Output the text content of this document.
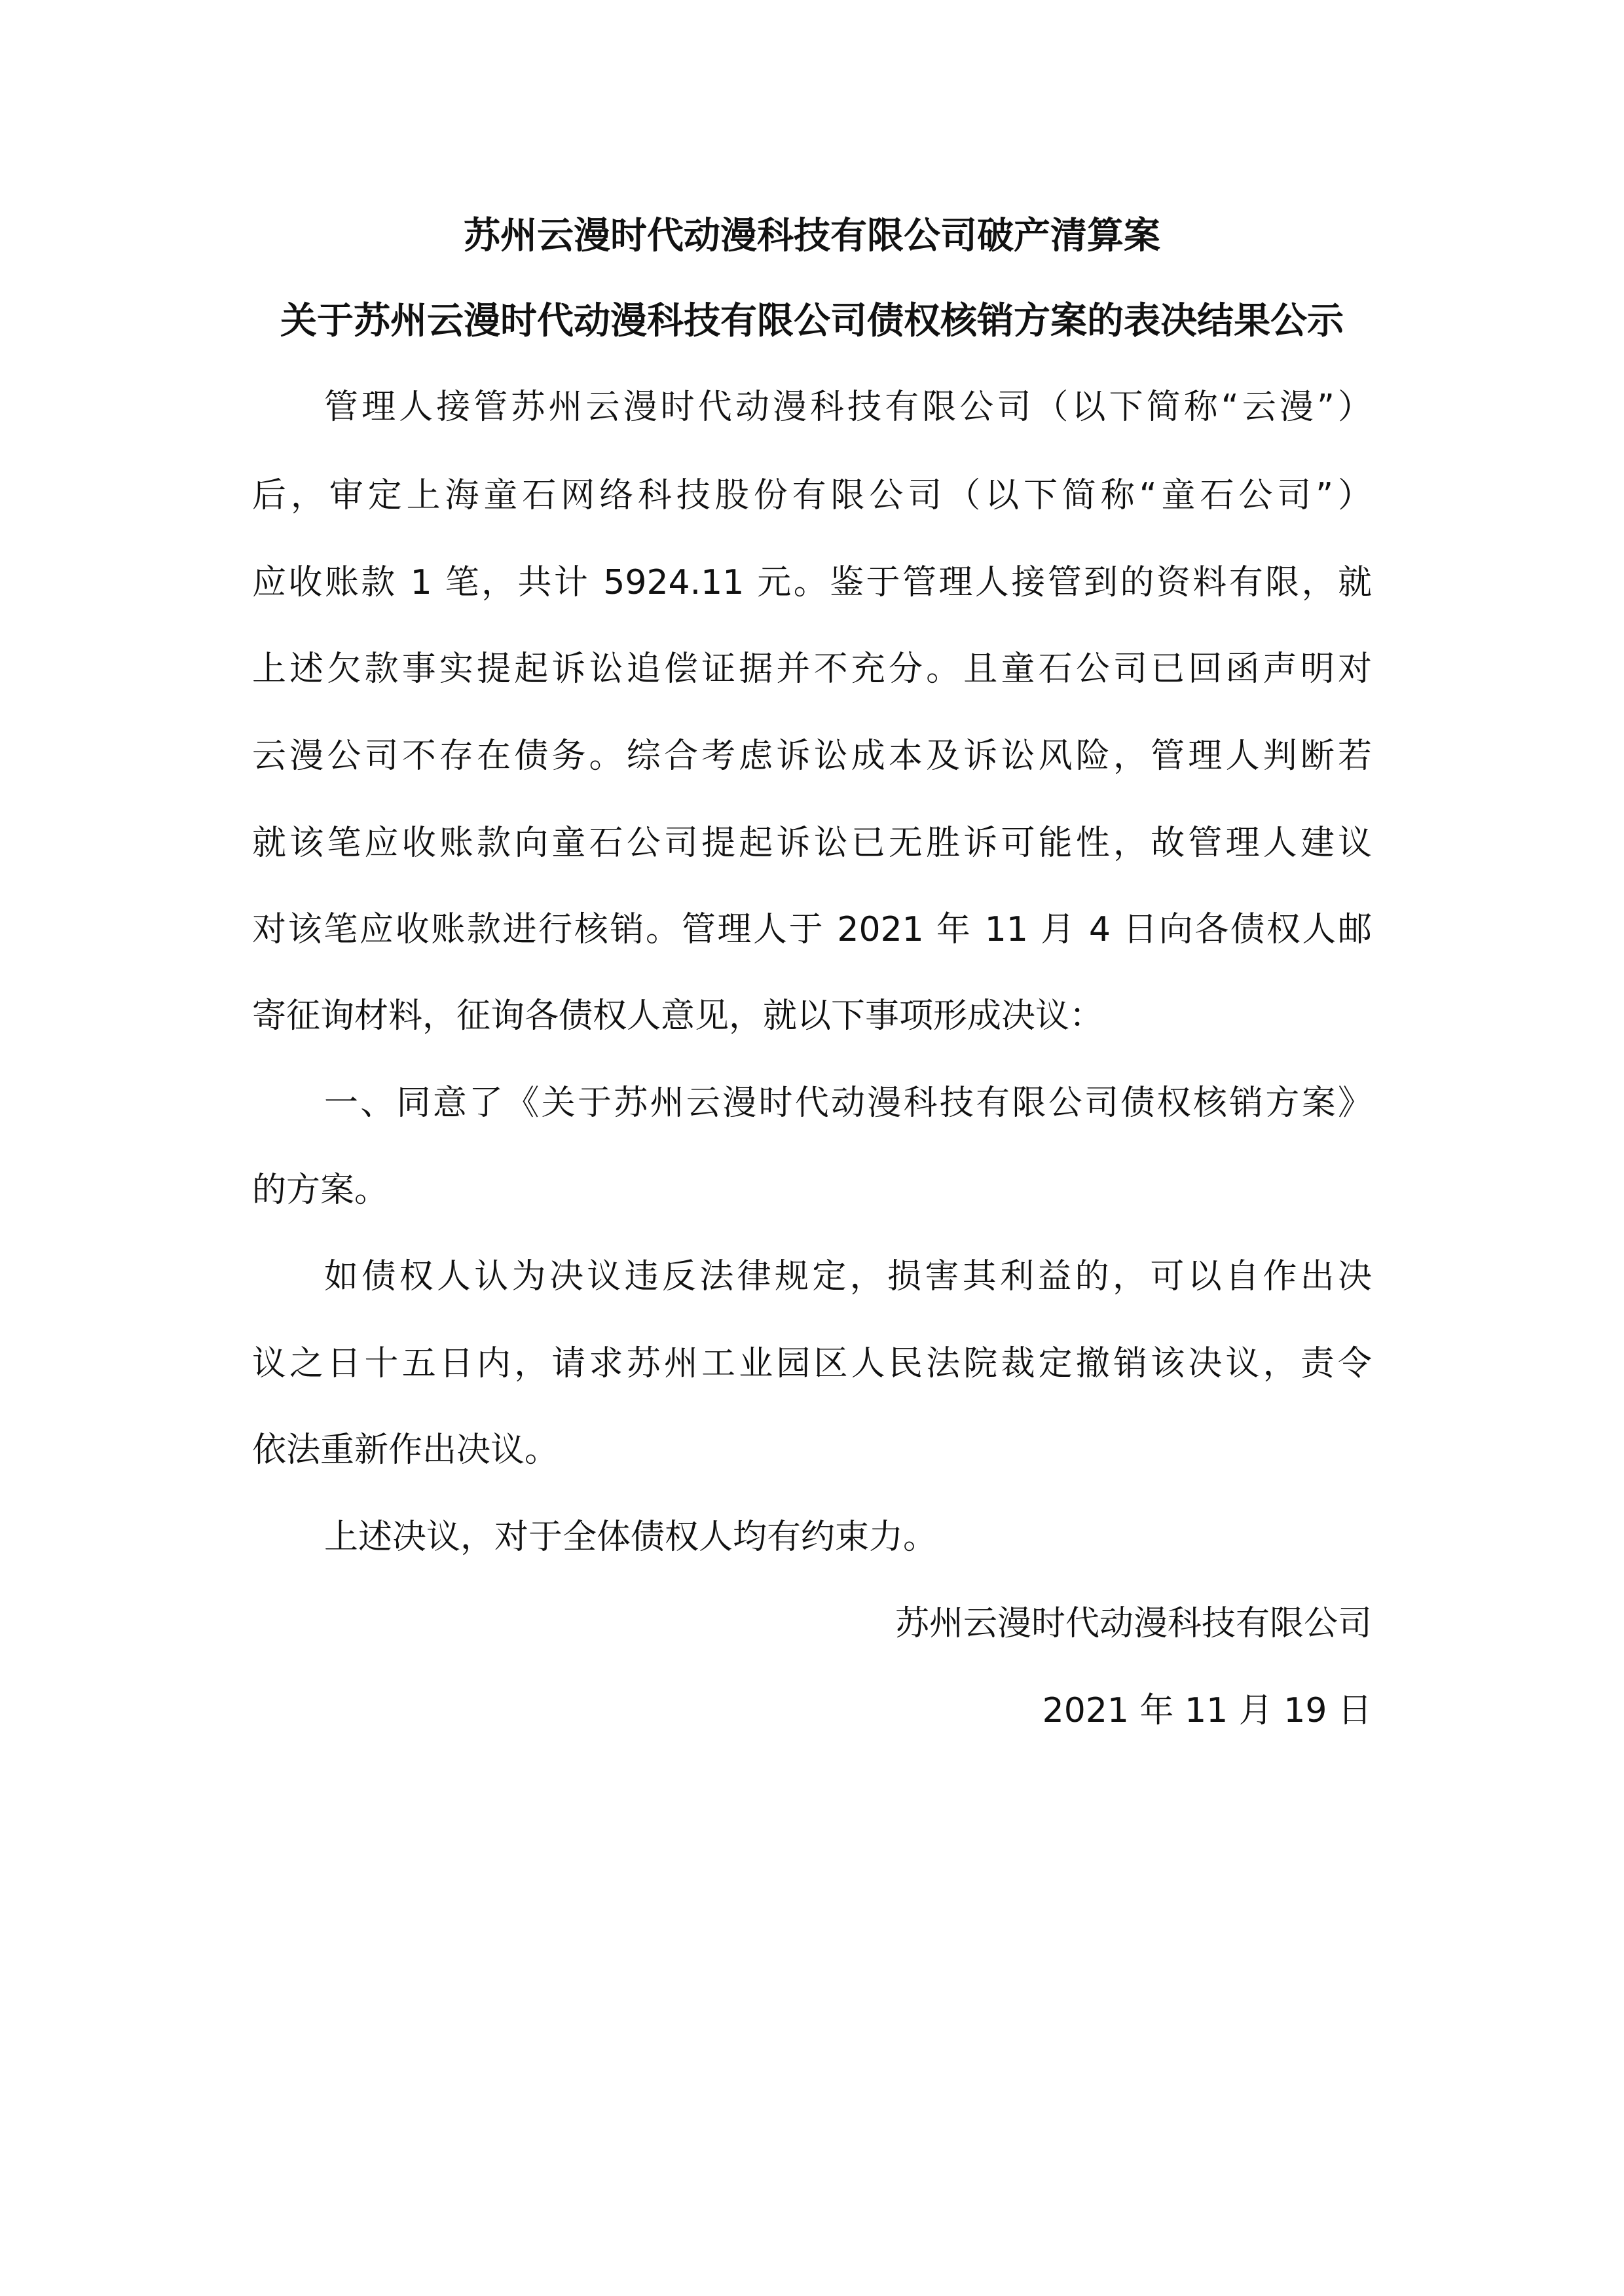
苏州云漫时代动漫科技有限公司破产清算案
关于苏州云漫时代动漫科技有限公司债权核销方案的表决结果公示
管理人接管苏州云漫时代动漫科技有限公司（以下简称“云漫”）
后，审定上海童石网络科技股份有限公司（以下简称“童石公司”）
应收账款 1 笔，共计 5924.11 元。鉴于管理人接管到的资料有限，就
上述欠款事实提起诉讼追偿证据并不充分。且童石公司已回函声明对
云漫公司不存在债务。综合考虑诉讼成本及诉讼风险，管理人判断若
就该笔应收账款向童石公司提起诉讼已无胜诉可能性，故管理人建议
对该笔应收账款进行核销。管理人于 2021 年 11 月 4 日向各债权人邮
寄征询材料，征询各债权人意见，就以下事项形成决议：
一、同意了《关于苏州云漫时代动漫科技有限公司债权核销方案》
的方案。
如债权人认为决议违反法律规定，损害其利益的，可以自作出决
议之日十五日内，请求苏州工业园区人民法院裁定撤销该决议，责令
依法重新作出决议。
上述决议，对于全体债权人均有约束力。
苏州云漫时代动漫科技有限公司
2021 年 11 月 19 日
